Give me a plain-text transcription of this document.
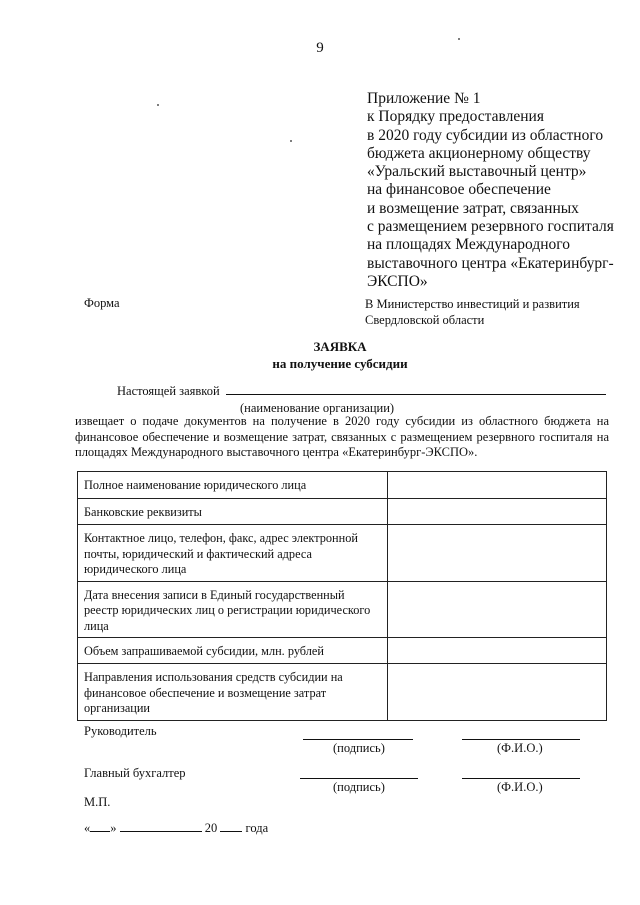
9
Приложение № 1
к Порядку предоставления
в 2020 году субсидии из областного
бюджета акционерному обществу
«Уральский выставочный центр»
на финансовое обеспечение
и возмещение затрат, связанных
с размещением резервного госпиталя
на площадях Международного
выставочного центра «Екатеринбург-
ЭКСПО»
Форма	В Министерство инвестиций и развития
Свердловской области
ЗАЯВКА
на получение субсидии
Настоящей заявкой
(наименование организации)
извещает о подаче документов на получение в 2020 году субсидии из областного бюджета на финансовое обеспечение и возмещение затрат, связанных с размещением резервного госпиталя на площадях Международного выставочного центра «Екатеринбург-ЭКСПО».
Полное наименование юридического лица	
Банковские реквизиты	
Контактное лицо, телефон, факс, адрес электронной почты, юридический и фактический адреса юридического лица	
Дата внесения записи в Единый государственный реестр юридических лиц о регистрации юридического лица	
Объем запрашиваемой субсидии, млн. рублей	
Направления использования средств субсидии на финансовое обеспечение и возмещение затрат организации	
Руководитель
(подпись)	(Ф.И.О.)
Главный бухгалтер
(подпись)	(Ф.И.О.)
М.П.
« »	20 года
